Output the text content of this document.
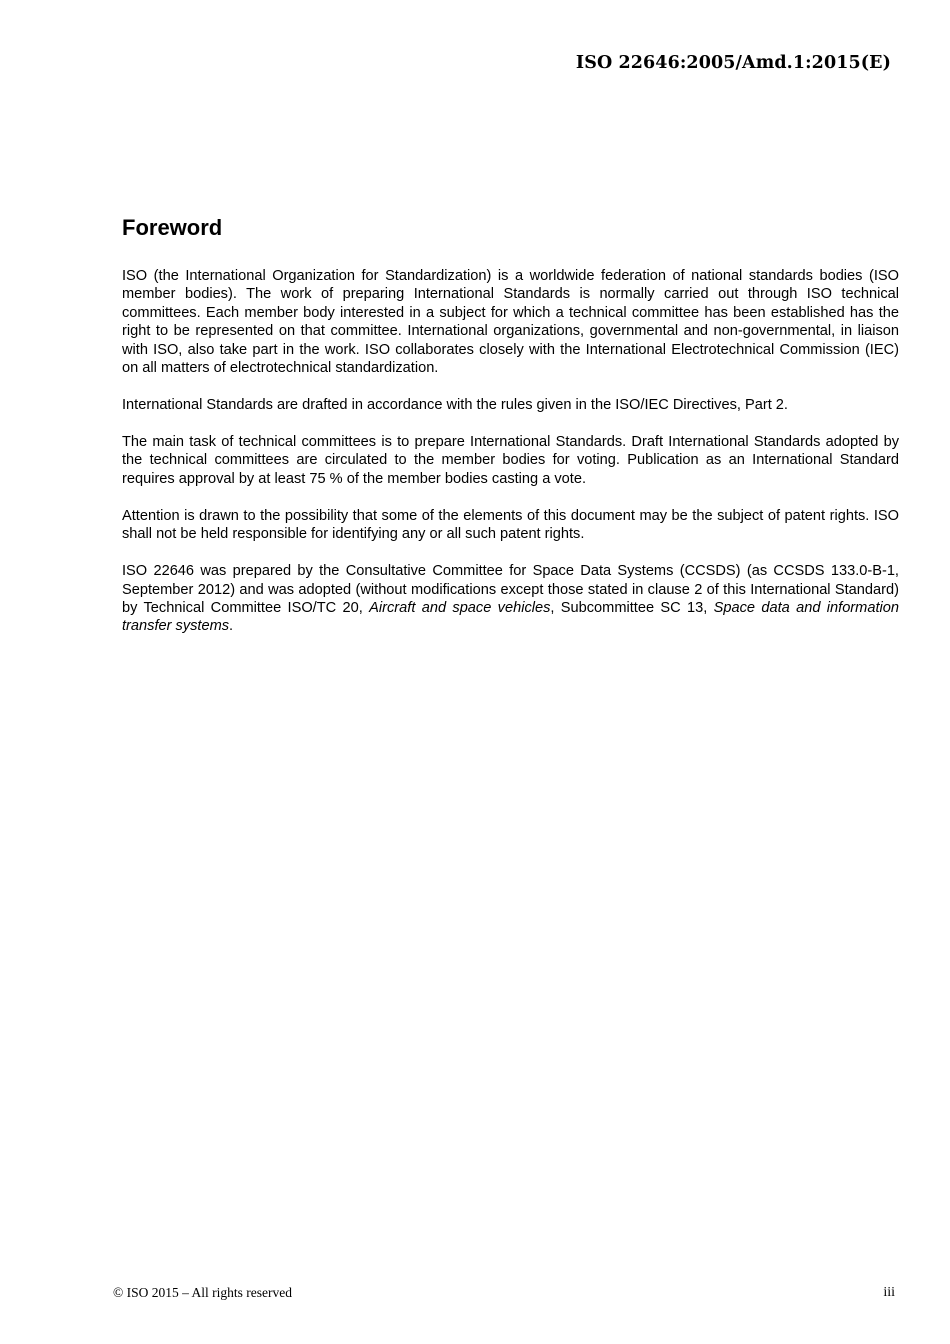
ISO 22646:2005/Amd.1:2015(E)
Foreword

ISO (the International Organization for Standardization) is a worldwide federation of national standards bodies (ISO member bodies). The work of preparing International Standards is normally carried out through ISO technical committees. Each member body interested in a subject for which a technical committee has been established has the right to be represented on that committee. International organizations, governmental and non-governmental, in liaison with ISO, also take part in the work. ISO collaborates closely with the International Electrotechnical Commission (IEC) on all matters of electrotechnical standardization.

International Standards are drafted in accordance with the rules given in the ISO/IEC Directives, Part 2.

The main task of technical committees is to prepare International Standards. Draft International Standards adopted by the technical committees are circulated to the member bodies for voting. Publication as an International Standard requires approval by at least 75 % of the member bodies casting a vote.

Attention is drawn to the possibility that some of the elements of this document may be the subject of patent rights. ISO shall not be held responsible for identifying any or all such patent rights.

ISO 22646 was prepared by the Consultative Committee for Space Data Systems (CCSDS) (as CCSDS 133.0-B-1, September 2012) and was adopted (without modifications except those stated in clause 2 of this International Standard) by Technical Committee ISO/TC 20, Aircraft and space vehicles, Subcommittee SC 13, Space data and information transfer systems.

© ISO 2015 – All rights reserved	iii
